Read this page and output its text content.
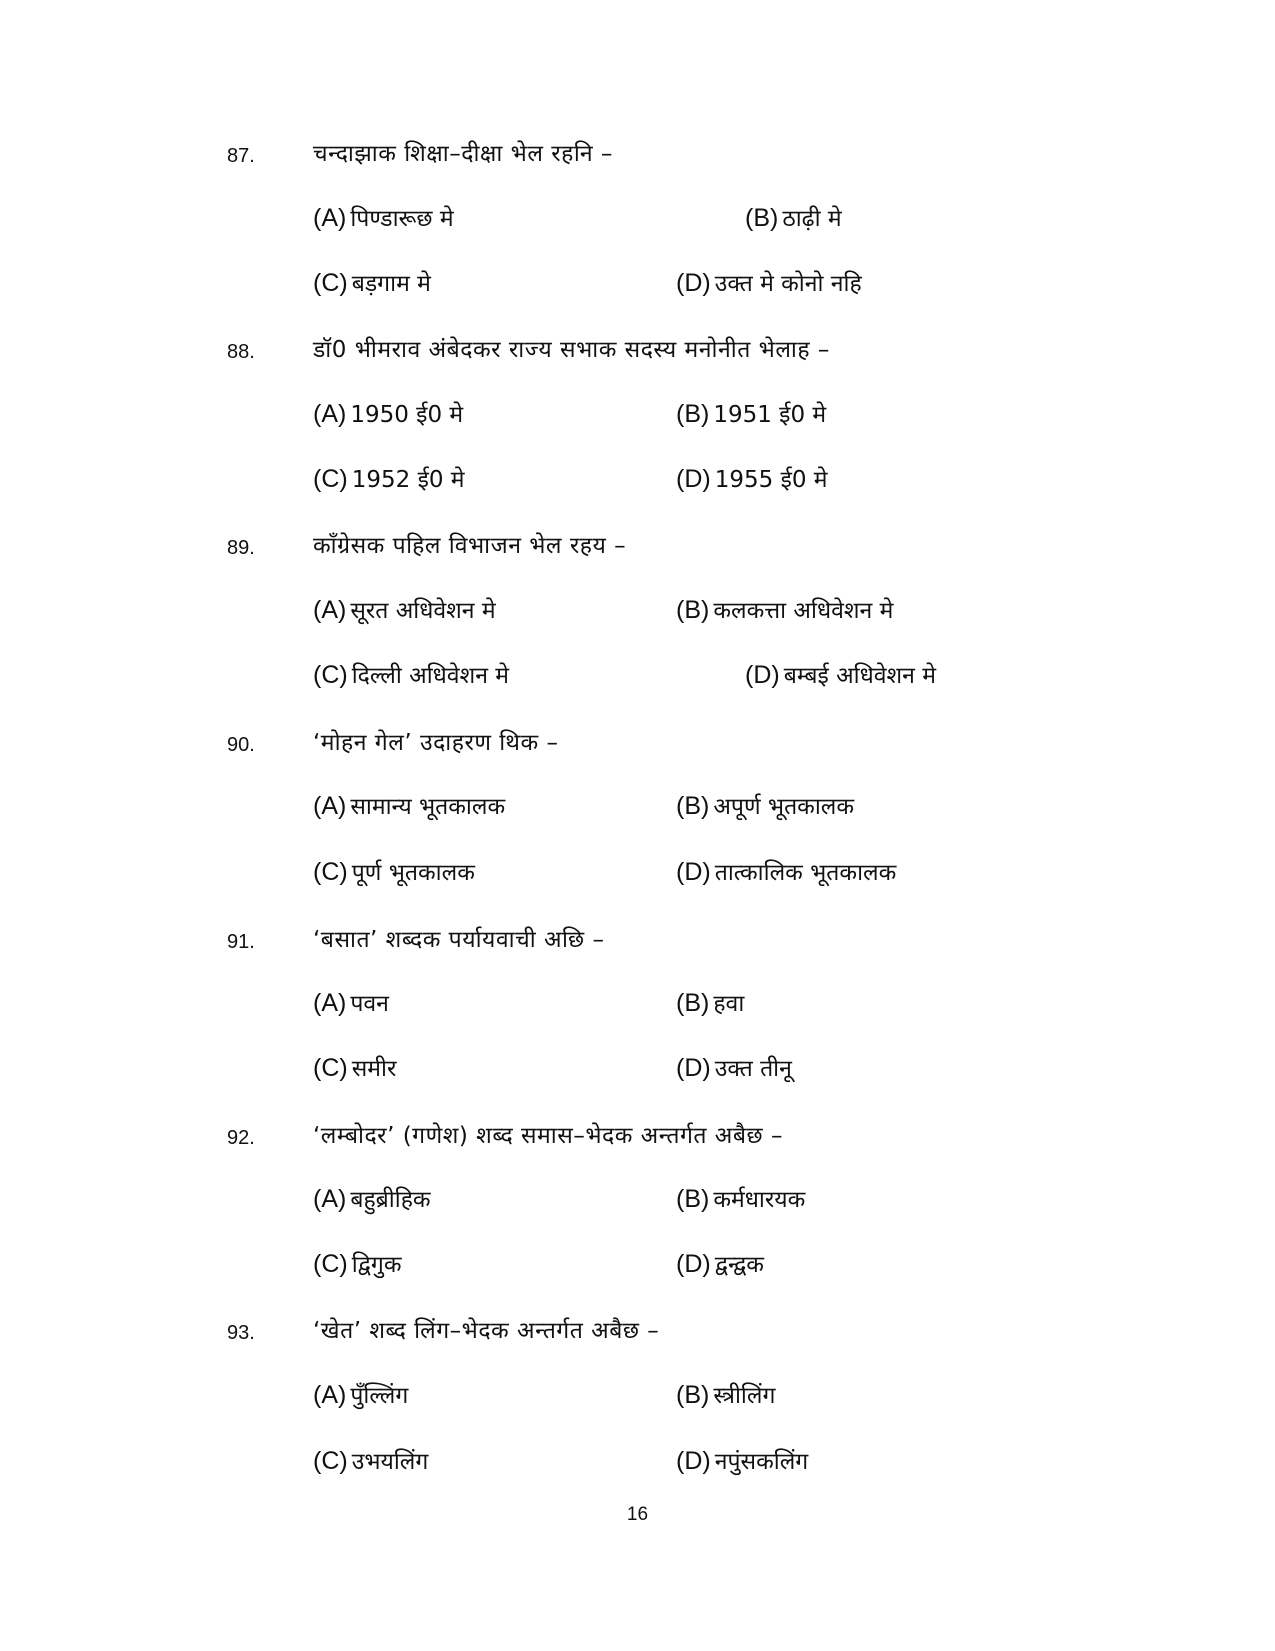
87.	चन्दाझाक शिक्षा–दीक्षा भेल रहनि –
(A) पिण्डारूछ मे	(B) ठाढ़ी मे
(C) बड़गाम मे	(D) उक्त मे कोनो नहि
88.	डॉ0 भीमराव अंबेदकर राज्य सभाक सदस्य मनोनीत भेलाह –
(A) 1950 ई0 मे	(B) 1951 ई0 मे
(C) 1952 ई0 मे	(D) 1955 ई0 मे
89.	काँग्रेसक पहिल विभाजन भेल रहय –
(A) सूरत अधिवेशन मे	(B) कलकत्ता अधिवेशन मे
(C) दिल्ली अधिवेशन मे	(D) बम्बई अधिवेशन मे
90.	‘मोहन गेल’ उदाहरण थिक –
(A) सामान्य भूतकालक	(B) अपूर्ण भूतकालक
(C) पूर्ण भूतकालक	(D) तात्कालिक भूतकालक
91.	‘बसात’ शब्दक पर्यायवाची अछि –
(A) पवन	(B) हवा
(C) समीर	(D) उक्त तीनू
92.	‘लम्बोदर’ (गणेश) शब्द समास–भेदक अन्तर्गत अबैछ –
(A) बहुब्रीहिक	(B) कर्मधारयक
(C) द्विगुक	(D) द्वन्द्वक
93.	‘खेत’ शब्द लिंग–भेदक अन्तर्गत अबैछ –
(A) पुँल्लिंग	(B) स्त्रीलिंग
(C) उभयलिंग	(D) नपुंसकलिंग
16
